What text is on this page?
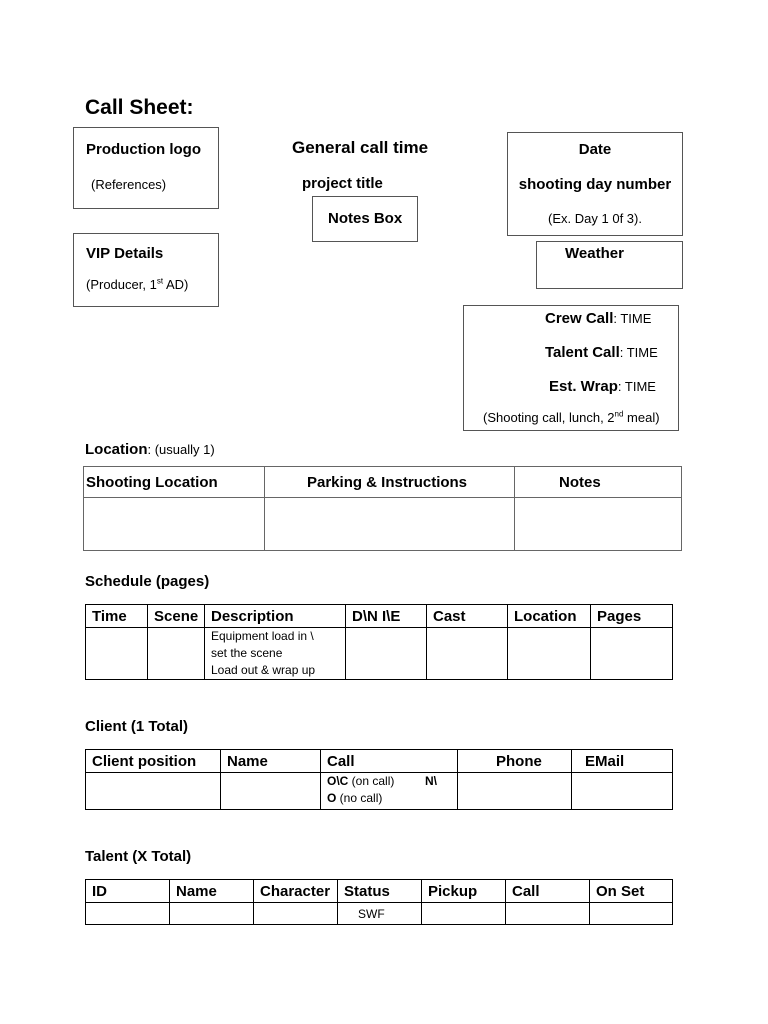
Call Sheet:
Production logo
(References)
VIP Details
(Producer, 1st AD)
General call time
project title
Notes Box
Date
shooting day number
(Ex. Day 1 0f 3).
Weather
Crew Call: TIME
Talent Call: TIME
Est. Wrap: TIME
(Shooting call, lunch, 2nd meal)
Location: (usually 1)
Shooting Location	Parking & Instructions	Notes

Schedule (pages)
Time	Scene	Description	D\N I\E	Cast	Location	Pages

		Equipment load in \
set the scene
Load out & wrap up				

Client (1 Total)
Client position	Name	Call	Phone	EMail

		O\C (on call) N\
O (no call)		

Talent (X Total)
ID	Name	Character	Status	Pickup	Call	On Set
			SWF			
